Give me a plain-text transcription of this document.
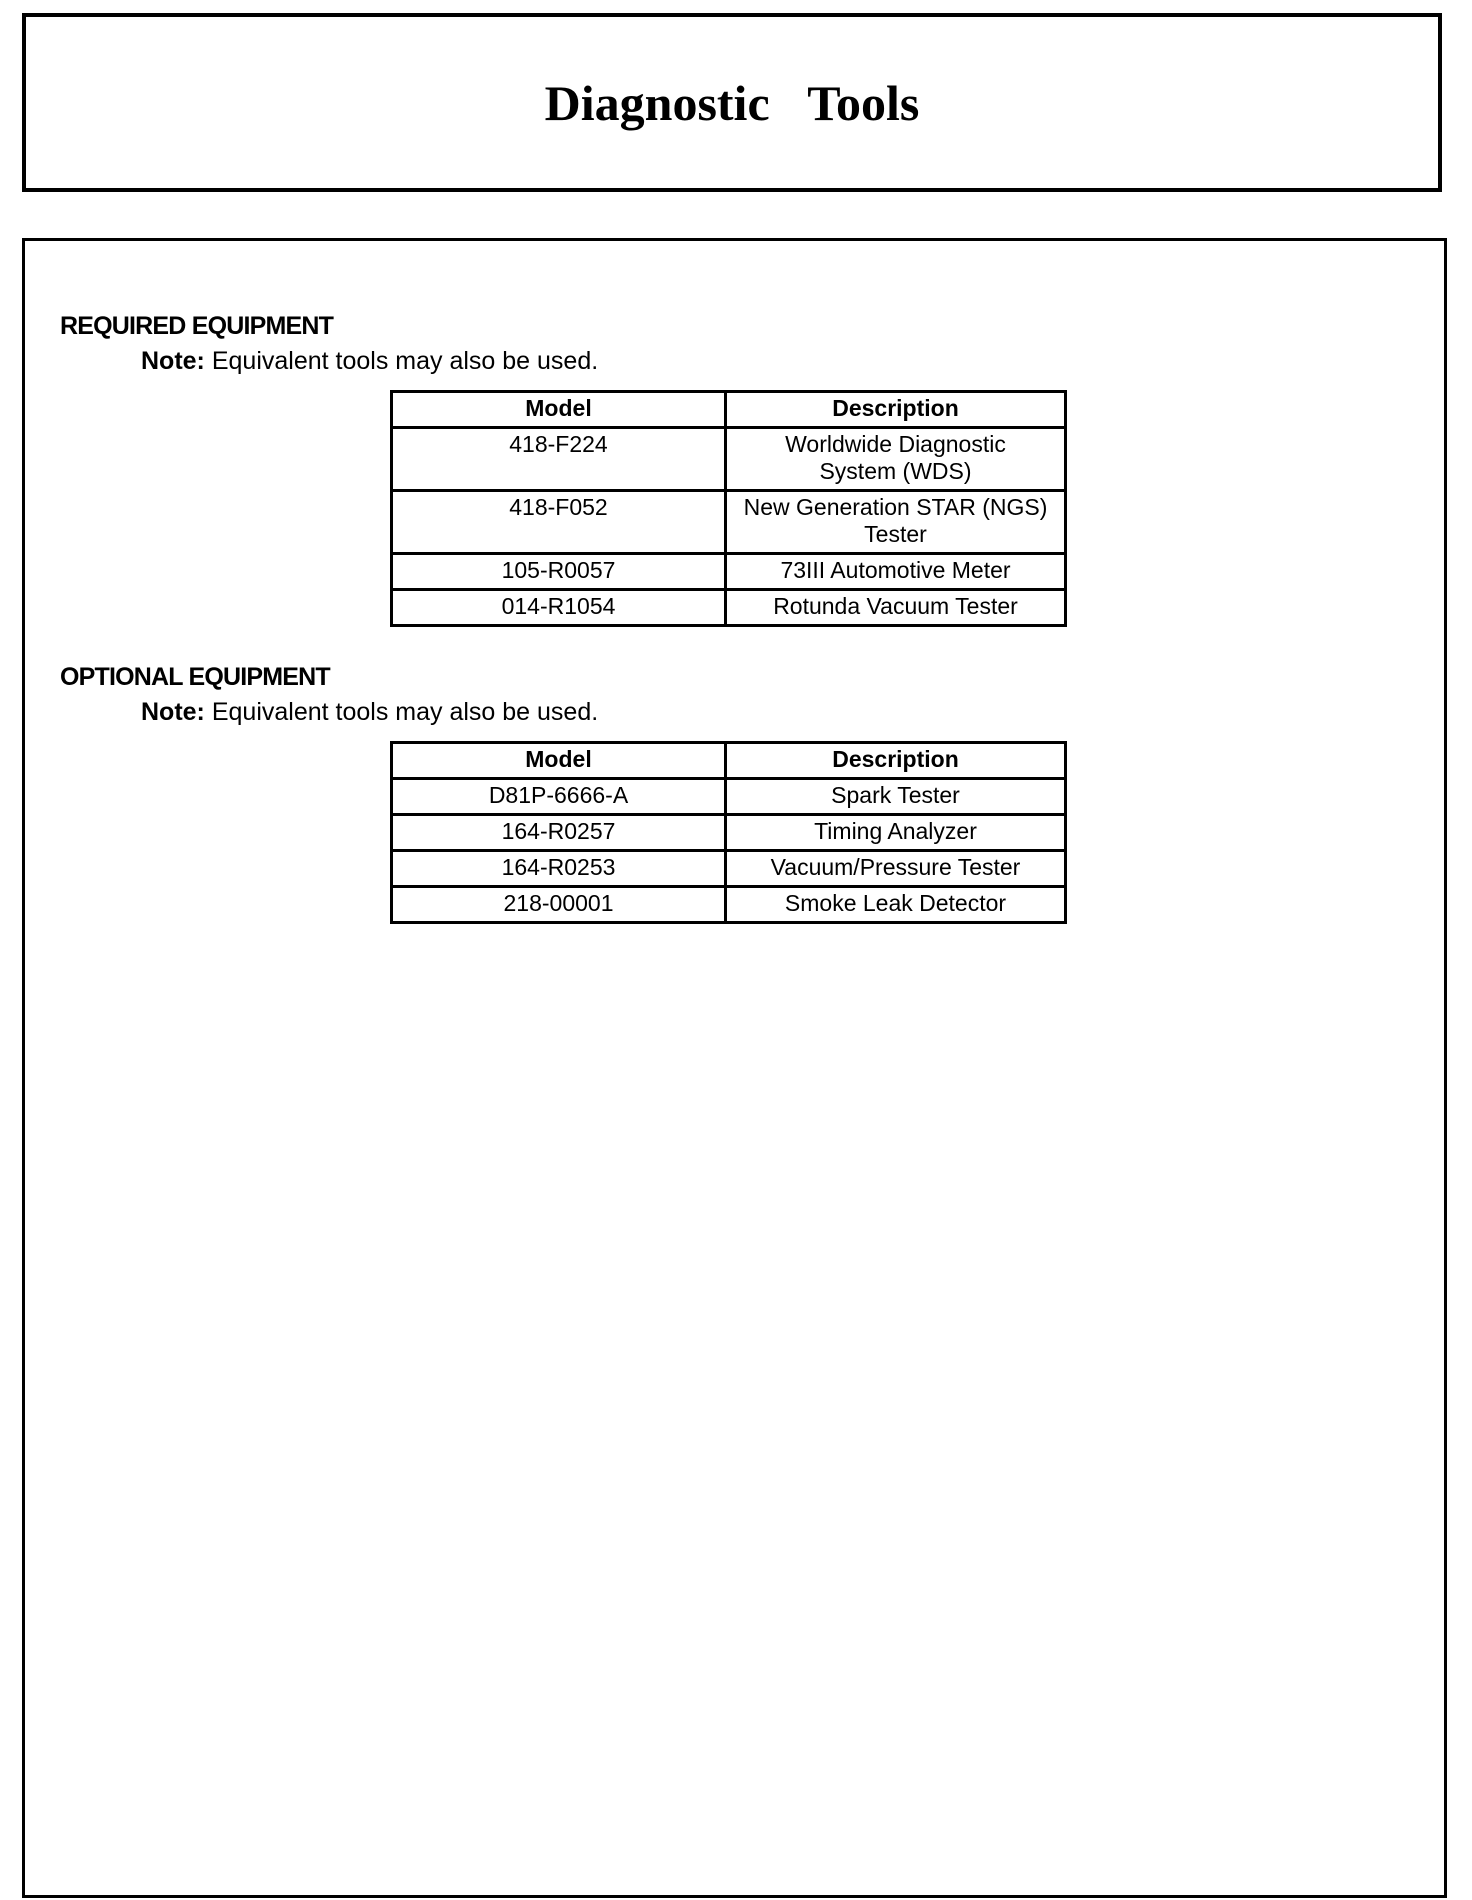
Diagnostic Tools

REQUIRED EQUIPMENT

Note: Equivalent tools may also be used.

Model	Description
418-F224	Worldwide Diagnostic System (WDS)
418-F052	New Generation STAR (NGS) Tester
105-R0057	73III Automotive Meter
014-R1054	Rotunda Vacuum Tester

OPTIONAL EQUIPMENT

Note: Equivalent tools may also be used.

Model	Description
D81P-6666-A	Spark Tester
164-R0257	Timing Analyzer
164-R0253	Vacuum/Pressure Tester
218-00001	Smoke Leak Detector
